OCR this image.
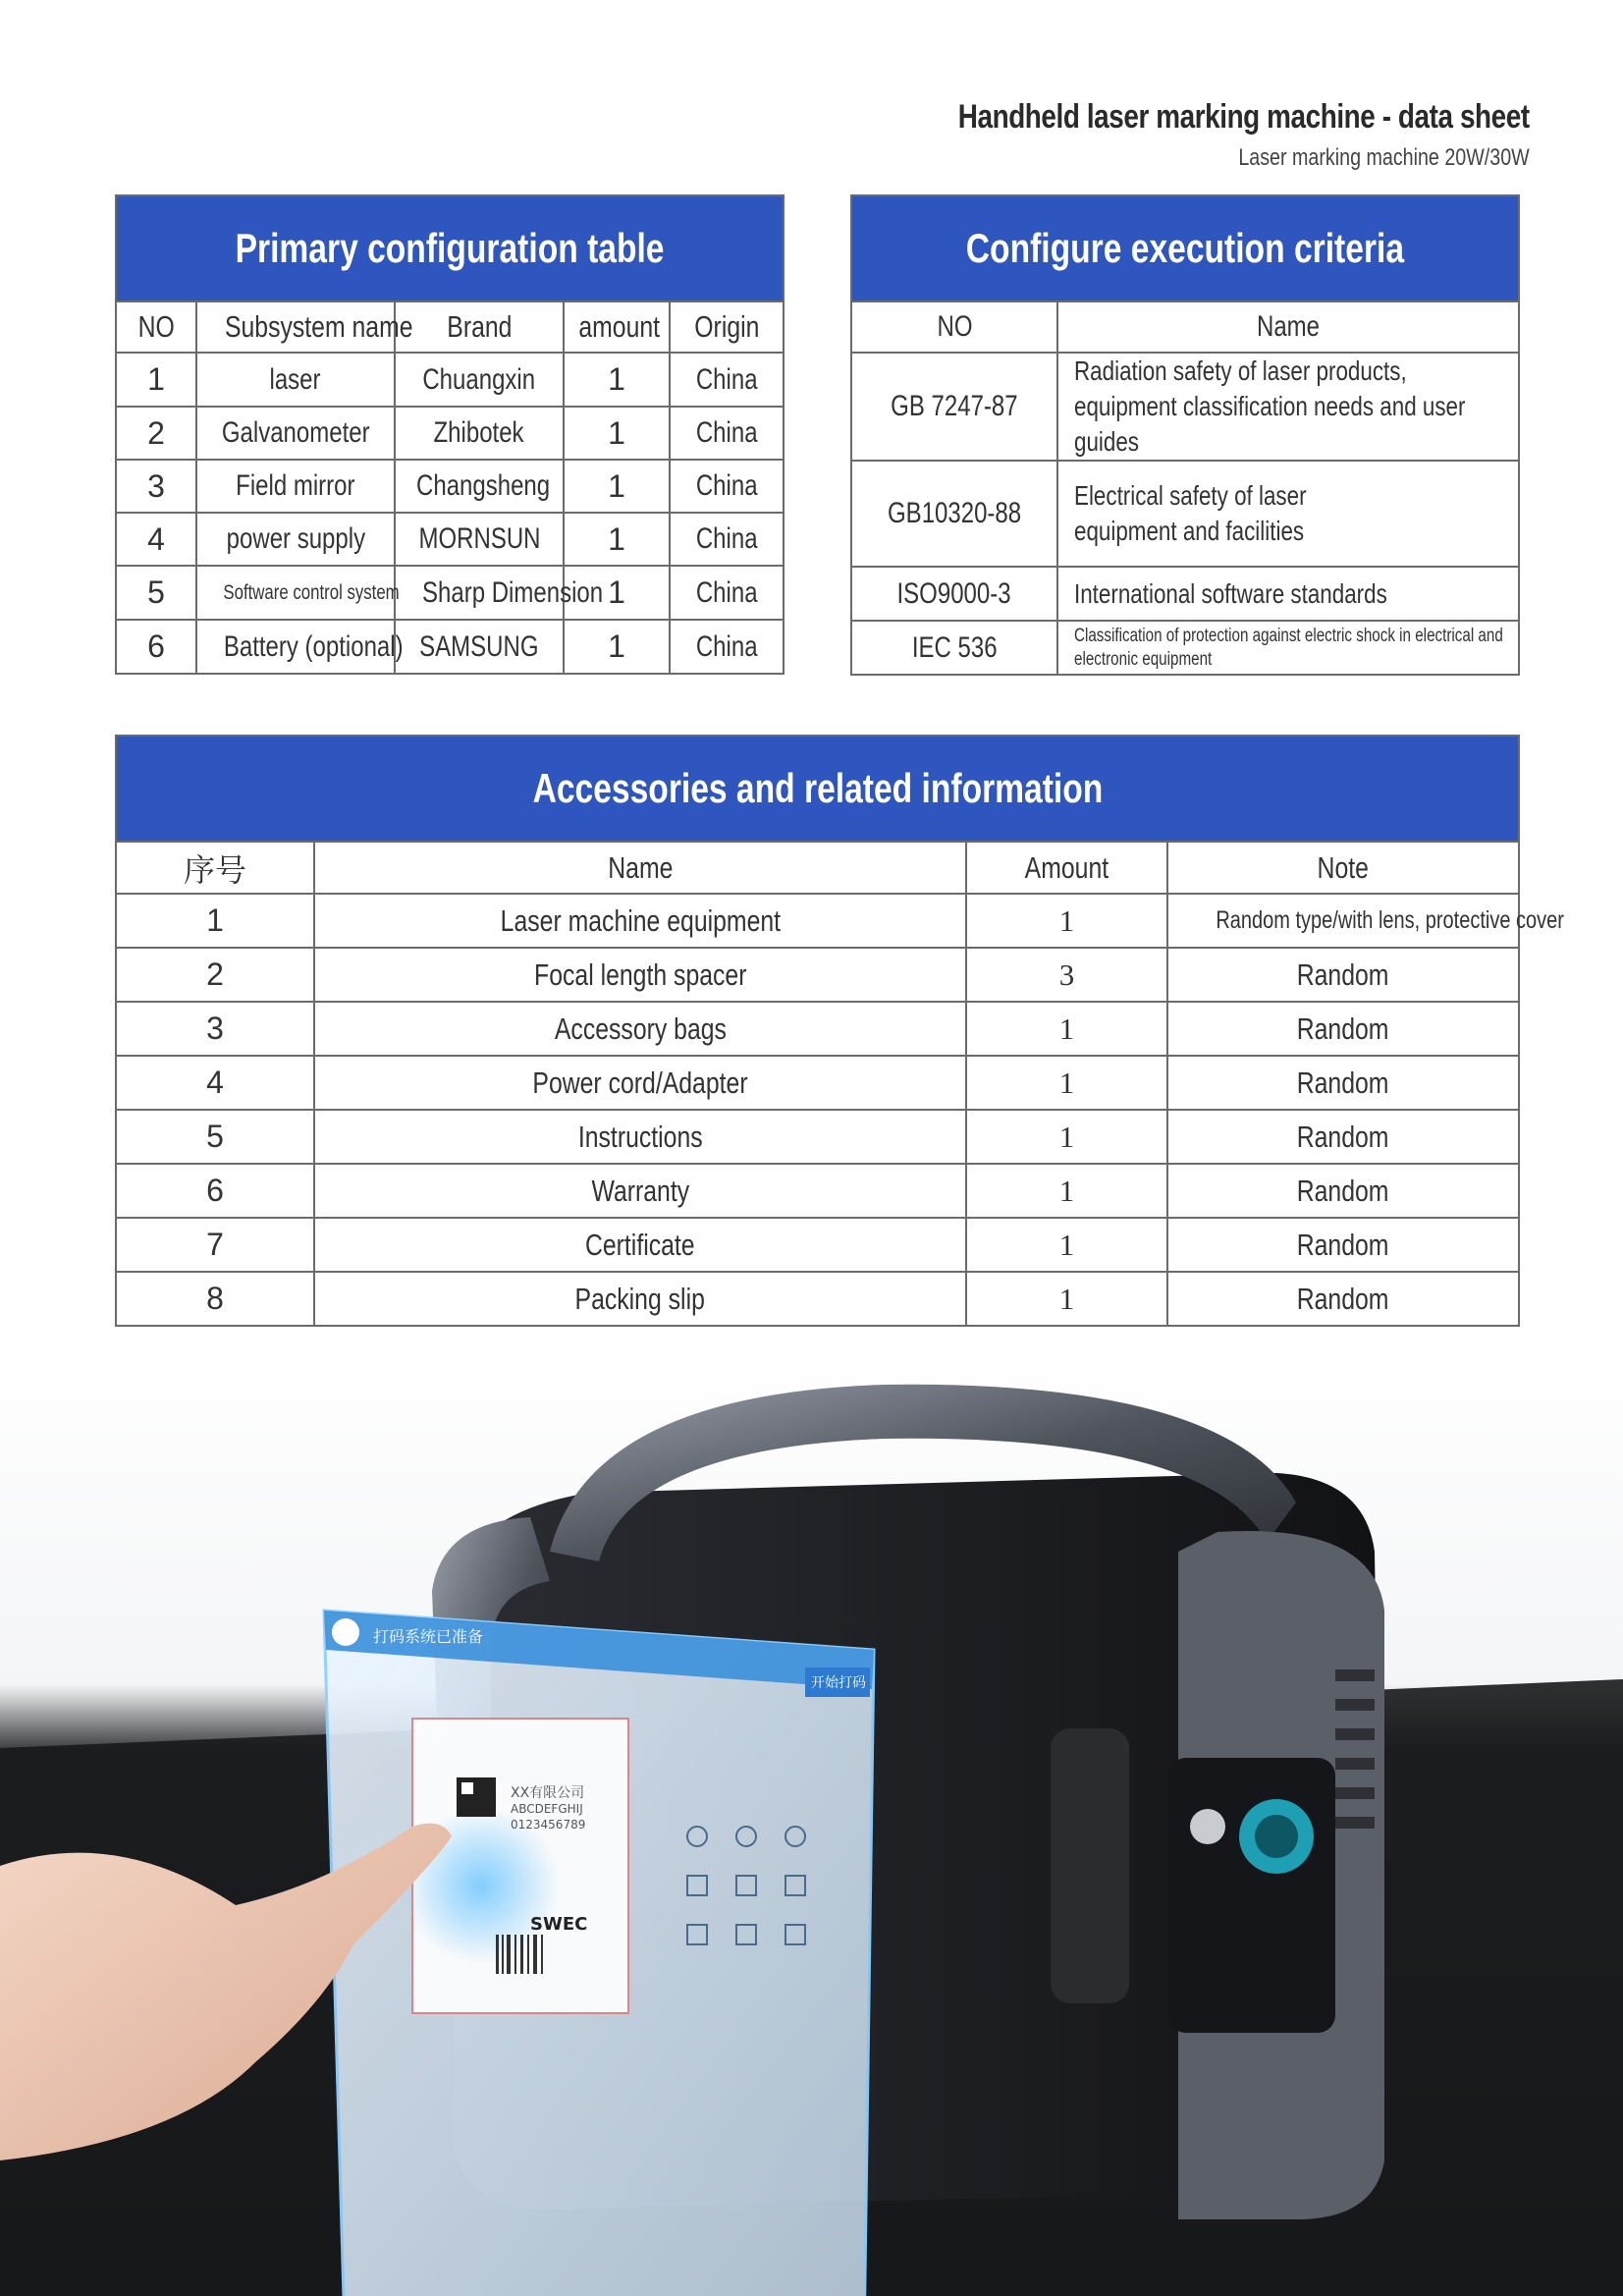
Handheld laser marking machine - data sheet
Laser marking machine 20W/30W
Primary configuration table				
NO	Subsystem name	Brand	amount	Origin
1	laser	Chuangxin	1	China
2	Galvanometer	Zhibotek	1	China
3	Field mirror	Changsheng	1	China
4	power supply	MORNSUN	1	China
5	Software control system	Sharp Dimension	1	China
6	Battery (optional)	SAMSUNG	1	China
Configure execution criteria	
NO	Name
GB 7247-87	Radiation safety of laser products, equipment classification needs and user guides
GB10320-88	Electrical safety of laser equipment and facilities
ISO9000-3	International software standards
IEC 536	Classification of protection against electric shock in electrical and electronic equipment
Accessories and related information			
序号	Name	Amount	Note
1	Laser machine equipment	1	Random type/with lens, protective cover
2	Focal length spacer	3	Random
3	Accessory bags	1	Random
4	Power cord/Adapter	1	Random
5	Instructions	1	Random
6	Warranty	1	Random
7	Certificate	1	Random
8	Packing slip	1	Random
打码系统已准备
开始打码
XX有限公司
ABCDEFGHIJ
0123456789
SWEC
